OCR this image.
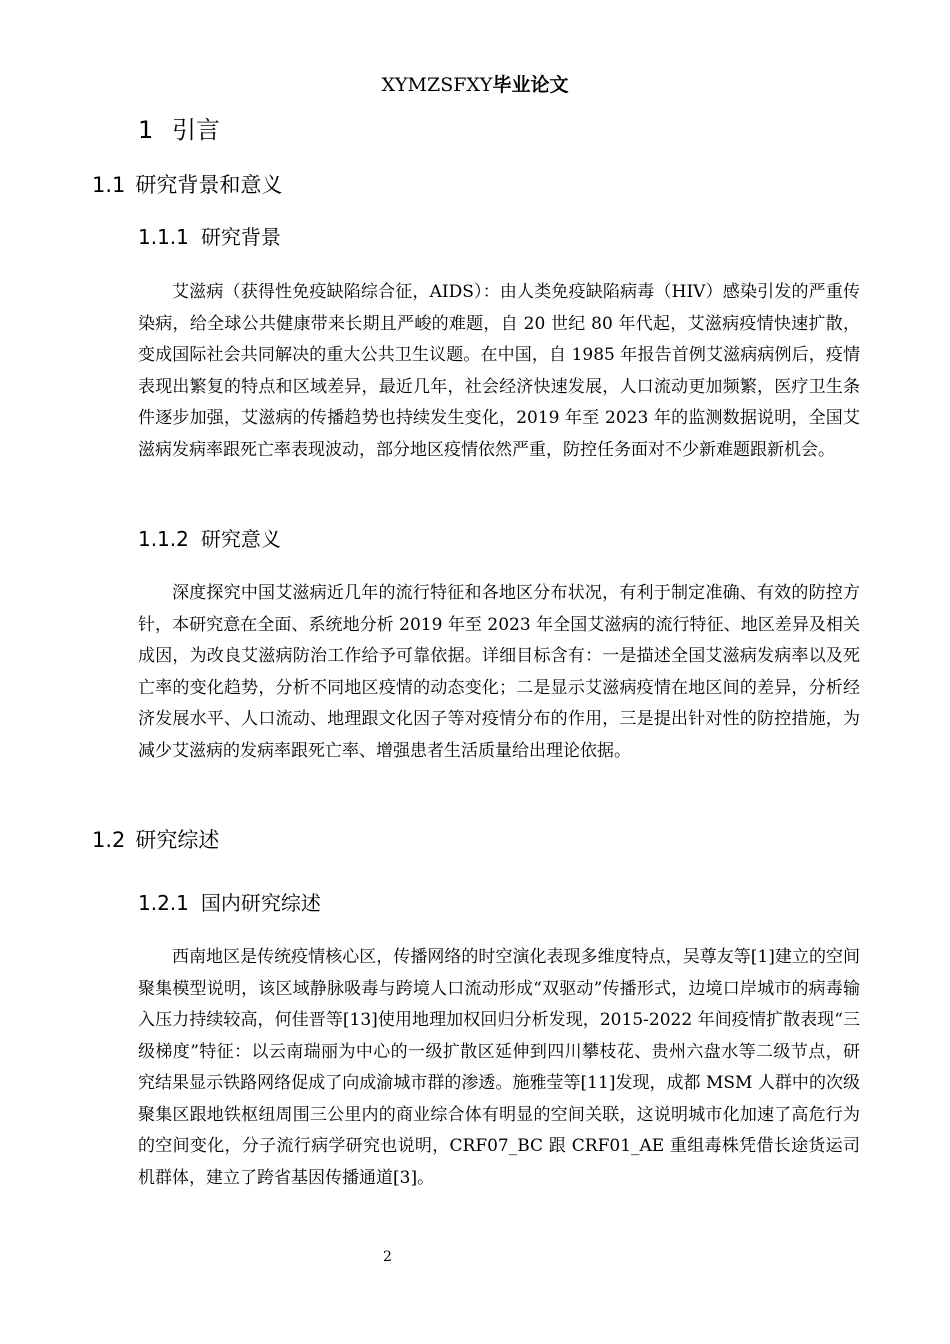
XYMZSFXY毕业论文
1 引言
1.1 研究背景和意义
1.1.1 研究背景

艾滋病（获得性免疫缺陷综合征，AIDS）：由人类免疫缺陷病毒（HIV）感染引发的严重传染病，给全球公共健康带来长期且严峻的难题，自 20 世纪 80 年代起，艾滋病疫情快速扩散，变成国际社会共同解决的重大公共卫生议题。在中国，自 1985 年报告首例艾滋病病例后，疫情表现出繁复的特点和区域差异，最近几年，社会经济快速发展，人口流动更加频繁，医疗卫生条件逐步加强，艾滋病的传播趋势也持续发生变化，2019 年至 2023 年的监测数据说明，全国艾滋病发病率跟死亡率表现波动，部分地区疫情依然严重，防控任务面对不少新难题跟新机会。

1.1.2 研究意义

深度探究中国艾滋病近几年的流行特征和各地区分布状况，有利于制定准确、有效的防控方针，本研究意在全面、系统地分析 2019 年至 2023 年全国艾滋病的流行特征、地区差异及相关成因，为改良艾滋病防治工作给予可靠依据。详细目标含有：一是描述全国艾滋病发病率以及死亡率的变化趋势，分析不同地区疫情的动态变化；二是显示艾滋病疫情在地区间的差异，分析经济发展水平、人口流动、地理跟文化因子等对疫情分布的作用，三是提出针对性的防控措施，为减少艾滋病的发病率跟死亡率、增强患者生活质量给出理论依据。

1.2 研究综述
1.2.1 国内研究综述

西南地区是传统疫情核心区，传播网络的时空演化表现多维度特点，吴尊友等[1]建立的空间聚集模型说明，该区域静脉吸毒与跨境人口流动形成“双驱动”传播形式，边境口岸城市的病毒输入压力持续较高，何佳晋等[13]使用地理加权回归分析发现，2015-2022 年间疫情扩散表现“三级梯度”特征：以云南瑞丽为中心的一级扩散区延伸到四川攀枝花、贵州六盘水等二级节点，研究结果显示铁路网络促成了向成渝城市群的渗透。施雅莹等[11]发现，成都 MSM 人群中的次级聚集区跟地铁枢纽周围三公里内的商业综合体有明显的空间关联，这说明城市化加速了高危行为的空间变化，分子流行病学研究也说明，CRF07_BC 跟 CRF01_AE 重组毒株凭借长途货运司机群体，建立了跨省基因传播通道[3]。

2
